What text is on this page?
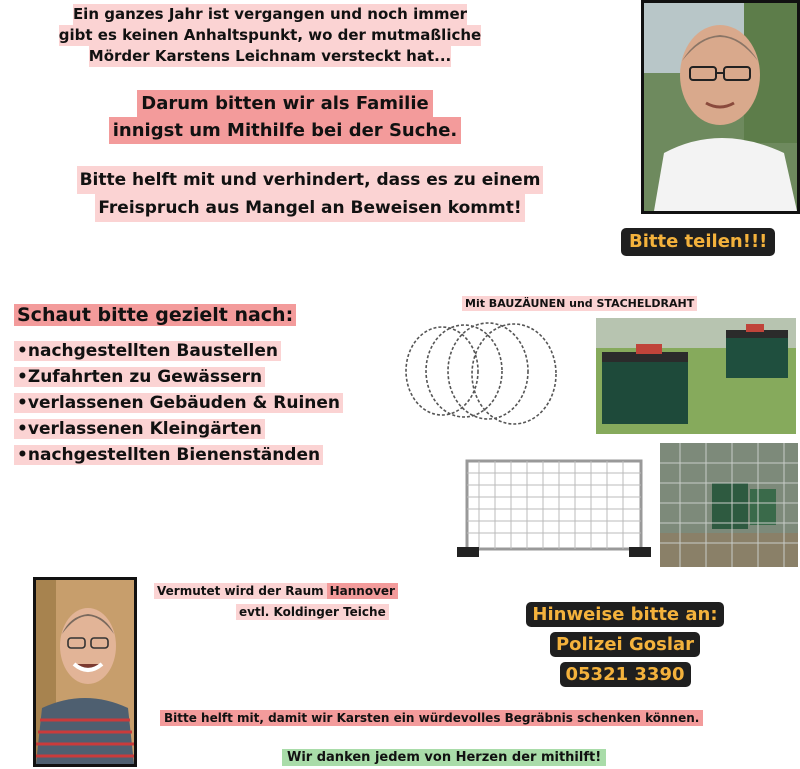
Ein ganzes Jahr ist vergangen und noch immer
gibt es keinen Anhaltspunkt, wo der mutmaßliche
Mörder Karstens Leichnam versteckt hat...
Darum bitten wir als Familie
innigst um Mithilfe bei der Suche.
Bitte helft mit und verhindert, dass es zu einem
Freispruch aus Mangel an Beweisen kommt!
Bitte teilen!!!
Schaut bitte gezielt nach:
•nachgestellten Baustellen
•Zufahrten zu Gewässern
•verlassenen Gebäuden & Ruinen
•verlassenen Kleingärten
•nachgestellten Bienenständen
Mit BAUZÄUNEN und STACHELDRAHT
Vermutet wird der Raum Hannover
evtl. Koldinger Teiche	Hinweise bitte an:
Polizei Goslar
05321 3390
Bitte helft mit, damit wir Karsten ein würdevolles Begräbnis schenken können.
Wir danken jedem von Herzen der mithilft!
